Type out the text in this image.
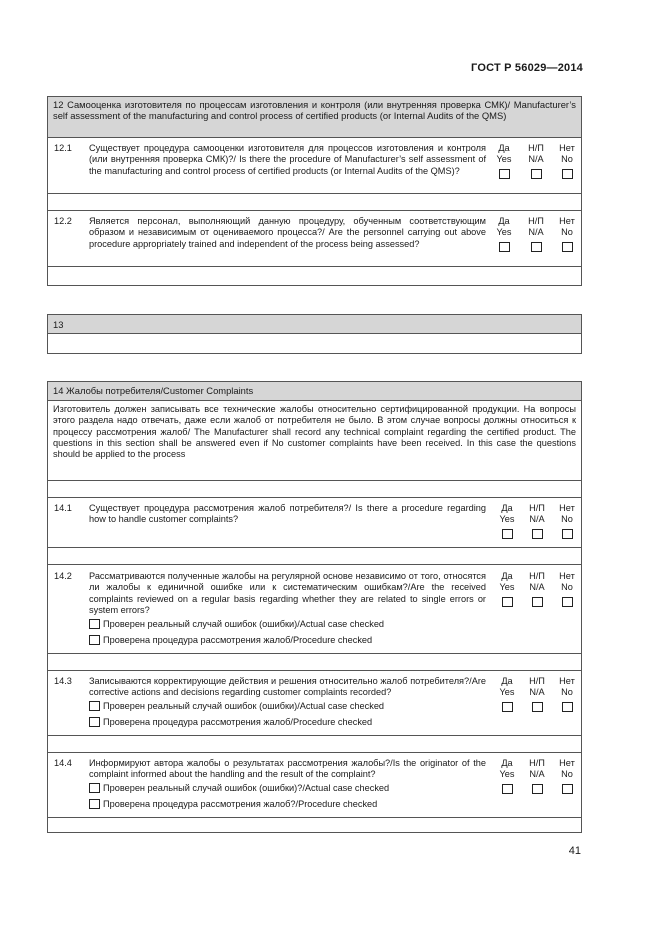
ГОСТ Р 56029—2014
12 Самооценка изготовителя по процессам изготовления и контроля (или внутренняя проверка СМК)/ Manufacturer’s self assessment of the manufacturing and control process of certified products (or Internal Audits of the QMS)
12.1 Существует процедура самооценки изготовителя для процессов изготовления и контроля (или внутренняя проверка СМК)?/ Is there the procedure of Manufacturer’s self assessment of the manufacturing and control process of certified products (or Internal Audits of the QMS)?
Да
Yes
Н/П
N/A
Нет
No
12.2 Является персонал, выполняющий данную процедуру, обученным соответствующим образом и независимым от оцениваемого процесса?/ Are the personnel carrying out above procedure appropriately trained and independent of the process being assessed?
Да
Yes
Н/П
N/A
Нет
No
13
14 Жалобы потребителя/Customer Complaints
Изготовитель должен записывать все технические жалобы относительно сертифицированной продукции. На вопросы этого раздела надо отвечать, даже если жалоб от потребителя не было. В этом случае вопросы должны относиться к процессу рассмотрения жалоб/ The Manufacturer shall record any technical complaint regarding the certified product. The questions in this section shall be answered even if No customer complaints have been received. In this case the questions should be applied to the process
14.1 Существует процедура рассмотрения жалоб потребителя?/ Is there a procedure regarding how to handle customer complaints?
Да
Yes
Н/П
N/A
Нет
No
14.2 Рассматриваются полученные жалобы на регулярной основе независимо от того, относятся ли жалобы к единичной ошибке или к систематическим ошибкам?/Are the received complaints reviewed on a regular basis regarding whether they are related to single errors or system errors?
Да
Yes
Н/П
N/A
Нет
No
Проверен реальный случай ошибок (ошибки)/Actual case checked
Проверена процедура рассмотрения жалоб/Procedure checked
14.3 Записываются корректирующие действия и решения относительно жалоб потребителя?/Are corrective actions and decisions regarding customer complaints recorded?
Да
Yes
Н/П
N/A
Нет
No
Проверен реальный случай ошибок (ошибки)/Actual case checked
Проверена процедура рассмотрения жалоб/Procedure checked
14.4 Информируют автора жалобы о результатах рассмотрения жалобы?/Is the originator of the complaint informed about the handling and the result of the complaint?
Да
Yes
Н/П
N/A
Нет
No
Проверен реальный случай ошибок (ошибки)?/Actual case checked
Проверена процедура рассмотрения жалоб?/Procedure checked
41
